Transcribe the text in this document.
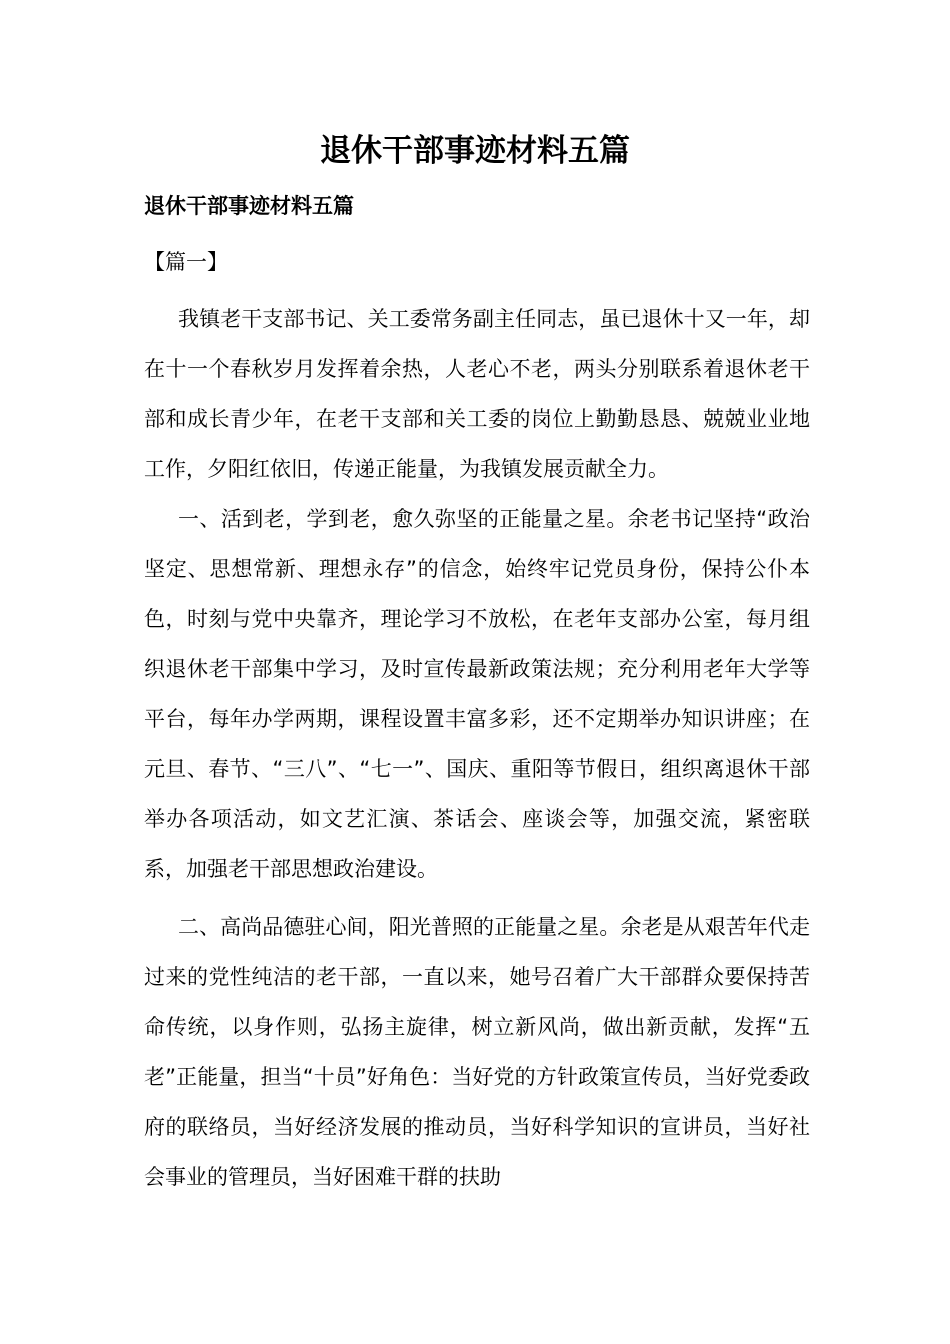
退休干部事迹材料五篇
退休干部事迹材料五篇
【篇一】

我镇老干支部书记、关工委常务副主任同志，虽已退休十又一年，却在十一个春秋岁月发挥着余热，人老心不老，两头分别联系着退休老干部和成长青少年，在老干支部和关工委的岗位上勤勤恳恳、兢兢业业地工作，夕阳红依旧，传递正能量，为我镇发展贡献全力。

一、活到老，学到老，愈久弥坚的正能量之星。余老书记坚持“政治坚定、思想常新、理想永存”的信念，始终牢记党员身份，保持公仆本色，时刻与党中央靠齐，理论学习不放松，在老年支部办公室，每月组织退休老干部集中学习，及时宣传最新政策法规；充分利用老年大学等平台，每年办学两期，课程设置丰富多彩，还不定期举办知识讲座；在元旦、春节、“三八”、“七一”、国庆、重阳等节假日，组织离退休干部举办各项活动，如文艺汇演、茶话会、座谈会等，加强交流，紧密联系，加强老干部思想政治建设。

二、高尚品德驻心间，阳光普照的正能量之星。余老是从艰苦年代走过来的党性纯洁的老干部，一直以来，她号召着广大干部群众要保持苦命传统，以身作则，弘扬主旋律，树立新风尚，做出新贡献，发挥“五老”正能量，担当“十员”好角色：当好党的方针政策宣传员，当好党委政府的联络员，当好经济发展的推动员，当好科学知识的宣讲员，当好社会事业的管理员，当好困难干群的扶助
